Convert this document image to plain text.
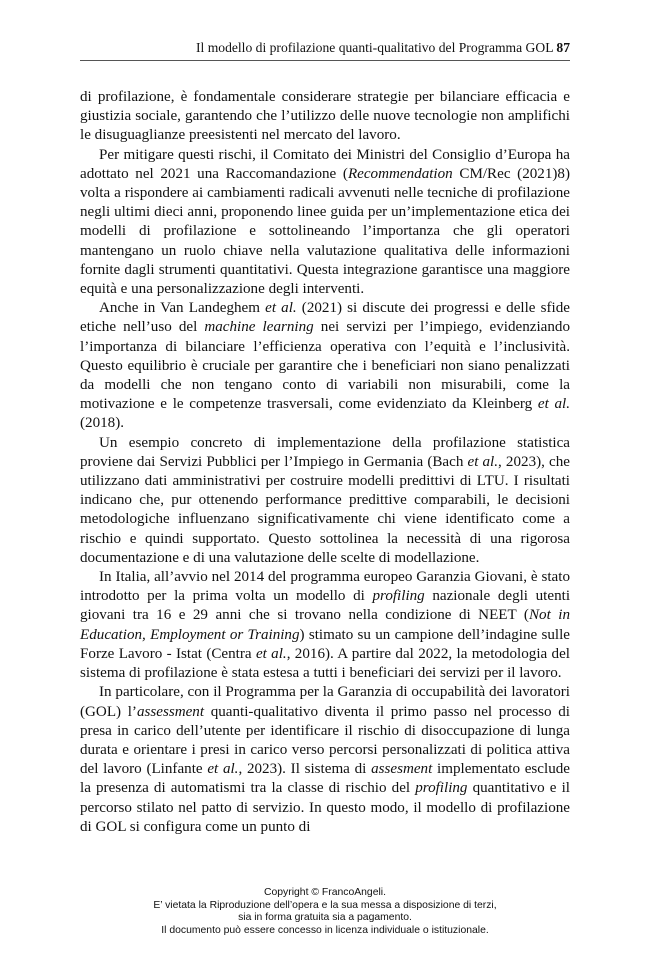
Il modello di profilazione quanti-qualitativo del Programma GOL 87

di profilazione, è fondamentale considerare strategie per bilanciare efficacia e giustizia sociale, garantendo che l’utilizzo delle nuove tecnologie non amplifichi le disuguaglianze preesistenti nel mercato del lavoro.

Per mitigare questi rischi, il Comitato dei Ministri del Consiglio d’Europa ha adottato nel 2021 una Raccomandazione (Recommendation CM/Rec (2021)8) volta a rispondere ai cambiamenti radicali avvenuti nelle tecniche di profilazione negli ultimi dieci anni, proponendo linee guida per un’implementazione etica dei modelli di profilazione e sottolineando l’importanza che gli operatori mantengano un ruolo chiave nella valutazione qualitativa delle informazioni fornite dagli strumenti quantitativi. Questa integrazione garantisce una maggiore equità e una personalizzazione degli interventi.

Anche in Van Landeghem et al. (2021) si discute dei progressi e delle sfide etiche nell’uso del machine learning nei servizi per l’impiego, evidenziando l’importanza di bilanciare l’efficienza operativa con l’equità e l’inclusività. Questo equilibrio è cruciale per garantire che i beneficiari non siano penalizzati da modelli che non tengano conto di variabili non misurabili, come la motivazione e le competenze trasversali, come evidenziato da Kleinberg et al. (2018).

Un esempio concreto di implementazione della profilazione statistica proviene dai Servizi Pubblici per l’Impiego in Germania (Bach et al., 2023), che utilizzano dati amministrativi per costruire modelli predittivi di LTU. I risultati indicano che, pur ottenendo performance predittive comparabili, le decisioni metodologiche influenzano significativamente chi viene identificato come a rischio e quindi supportato. Questo sottolinea la necessità di una rigorosa documentazione e di una valutazione delle scelte di modellazione.

In Italia, all’avvio nel 2014 del programma europeo Garanzia Giovani, è stato introdotto per la prima volta un modello di profiling nazionale degli utenti giovani tra 16 e 29 anni che si trovano nella condizione di NEET (Not in Education, Employment or Training) stimato su un campione dell’indagine sulle Forze Lavoro - Istat (Centra et al., 2016). A partire dal 2022, la metodologia del sistema di profilazione è stata estesa a tutti i beneficiari dei servizi per il lavoro.

In particolare, con il Programma per la Garanzia di occupabilità dei lavoratori (GOL) l’assessment quanti-qualitativo diventa il primo passo nel processo di presa in carico dell’utente per identificare il rischio di disoccupazione di lunga durata e orientare i presi in carico verso percorsi personalizzati di politica attiva del lavoro (Linfante et al., 2023). Il sistema di assesment implementato esclude la presenza di automatismi tra la classe di rischio del profiling quantitativo e il percorso stilato nel patto di servizio. In questo modo, il modello di profilazione di GOL si configura come un punto di

Copyright © FrancoAngeli.
E’ vietata la Riproduzione dell’opera e la sua messa a disposizione di terzi,
sia in forma gratuita sia a pagamento.
Il documento può essere concesso in licenza individuale o istituzionale.
